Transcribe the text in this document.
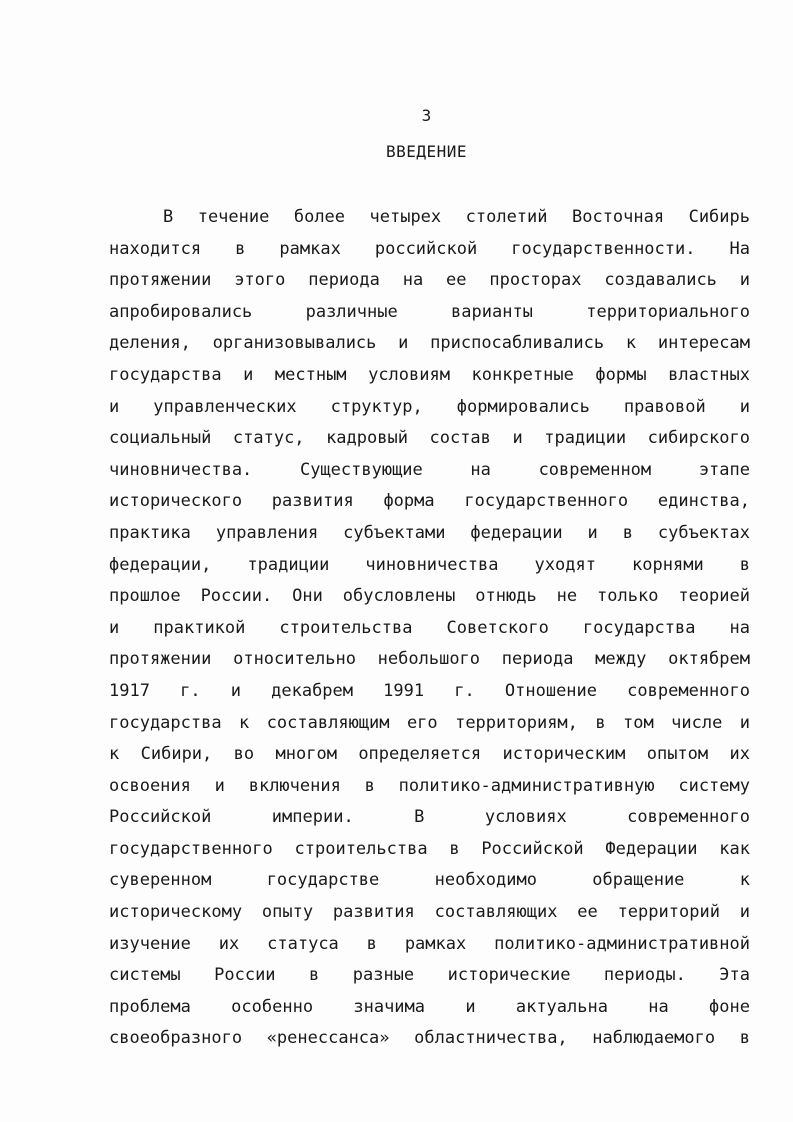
3
ВВЕДЕНИЕ
В течение более четырех столетий Восточная Сибирь
находится в рамках российской государственности. На
протяжении этого периода на ее просторах создавались и
апробировались различные варианты территориального
деления, организовывались и приспосабливались к интересам
государства и местным условиям конкретные формы властных
и управленческих структур, формировались правовой и
социальный статус, кадровый состав и традиции сибирского
чиновничества. Существующие на современном этапе
исторического развития форма государственного единства,
практика управления субъектами федерации и в субъектах
федерации, традиции чиновничества уходят корнями в
прошлое России. Они обусловлены отнюдь не только теорией
и практикой строительства Советского государства на
протяжении относительно небольшого периода между октябрем
1917 г. и декабрем 1991 г. Отношение современного
государства к составляющим его территориям, в том числе и
к Сибири, во многом определяется историческим опытом их
освоения и включения в политико-административную систему
Российской империи. В условиях современного
государственного строительства в Российской Федерации как
суверенном государстве необходимо обращение к
историческому опыту развития составляющих ее территорий и
изучение их статуса в рамках политико-административной
системы России в разные исторические периоды. Эта
проблема особенно значима и актуальна на фоне
своеобразного «ренессанса» областничества, наблюдаемого в
